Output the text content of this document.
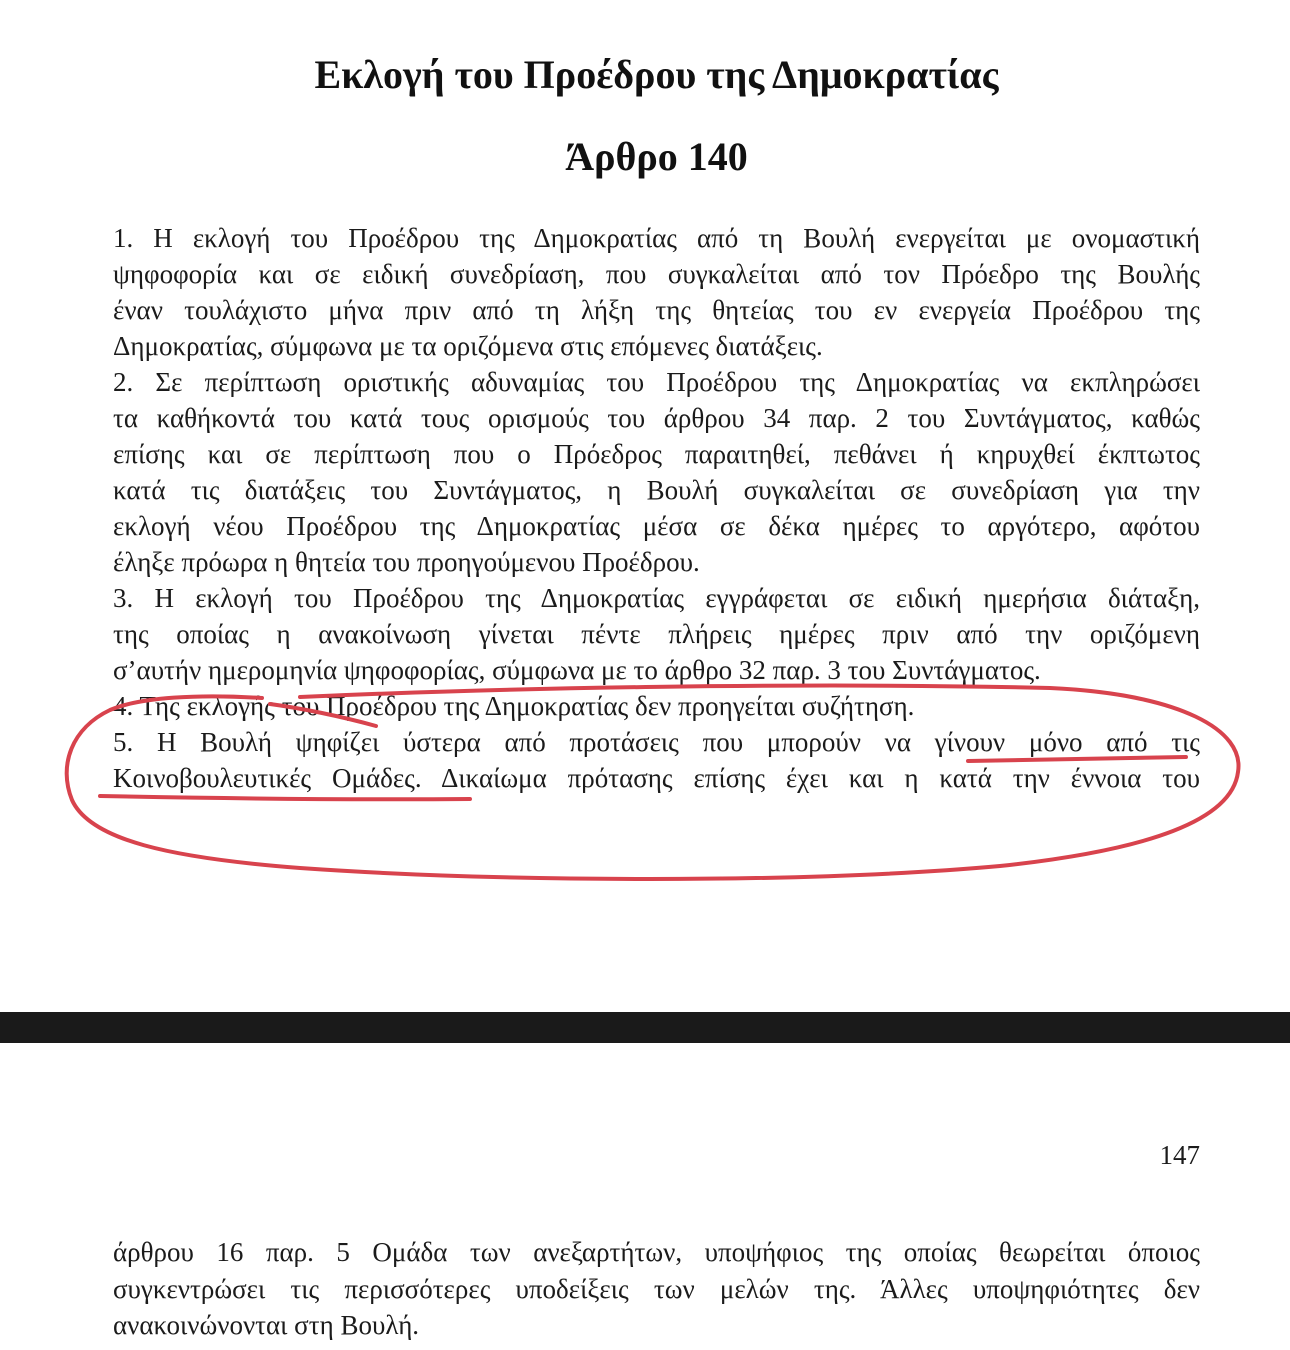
Εκλογή του Προέδρου της Δημοκρατίας
Άρθρο 140
1. Η εκλογή του Προέδρου της Δημοκρατίας από τη Βουλή ενεργείται με ονομαστική
ψηφοφορία και σε ειδική συνεδρίαση, που συγκαλείται από τον Πρόεδρο της Βουλής
έναν τουλάχιστο μήνα πριν από τη λήξη της θητείας του εν ενεργεία Προέδρου της
Δημοκρατίας, σύμφωνα με τα οριζόμενα στις επόμενες διατάξεις.
2. Σε περίπτωση οριστικής αδυναμίας του Προέδρου της Δημοκρατίας να εκπληρώσει
τα καθήκοντά του κατά τους ορισμούς του άρθρου 34 παρ. 2 του Συντάγματος, καθώς
επίσης και σε περίπτωση που ο Πρόεδρος παραιτηθεί, πεθάνει ή κηρυχθεί έκπτωτος
κατά τις διατάξεις του Συντάγματος, η Βουλή συγκαλείται σε συνεδρίαση για την
εκλογή νέου Προέδρου της Δημοκρατίας μέσα σε δέκα ημέρες το αργότερο, αφότου
έληξε πρόωρα η θητεία του προηγούμενου Προέδρου.
3. Η εκλογή του Προέδρου της Δημοκρατίας εγγράφεται σε ειδική ημερήσια διάταξη,
της οποίας η ανακοίνωση γίνεται πέντε πλήρεις ημέρες πριν από την οριζόμενη
σ’αυτήν ημερομηνία ψηφοφορίας, σύμφωνα με το άρθρο 32 παρ. 3 του Συντάγματος.
4. Της εκλογής του Προέδρου της Δημοκρατίας δεν προηγείται συζήτηση.
5. Η Βουλή ψηφίζει ύστερα από προτάσεις που μπορούν να γίνουν μόνο από τις
Κοινοβουλευτικές Ομάδες. Δικαίωμα πρότασης επίσης έχει και η κατά την έννοια του
147
άρθρου 16 παρ. 5 Ομάδα των ανεξαρτήτων, υποψήφιος της οποίας θεωρείται όποιος
συγκεντρώσει τις περισσότερες υποδείξεις των μελών της. Άλλες υποψηφιότητες δεν
ανακοινώνονται στη Βουλή.
